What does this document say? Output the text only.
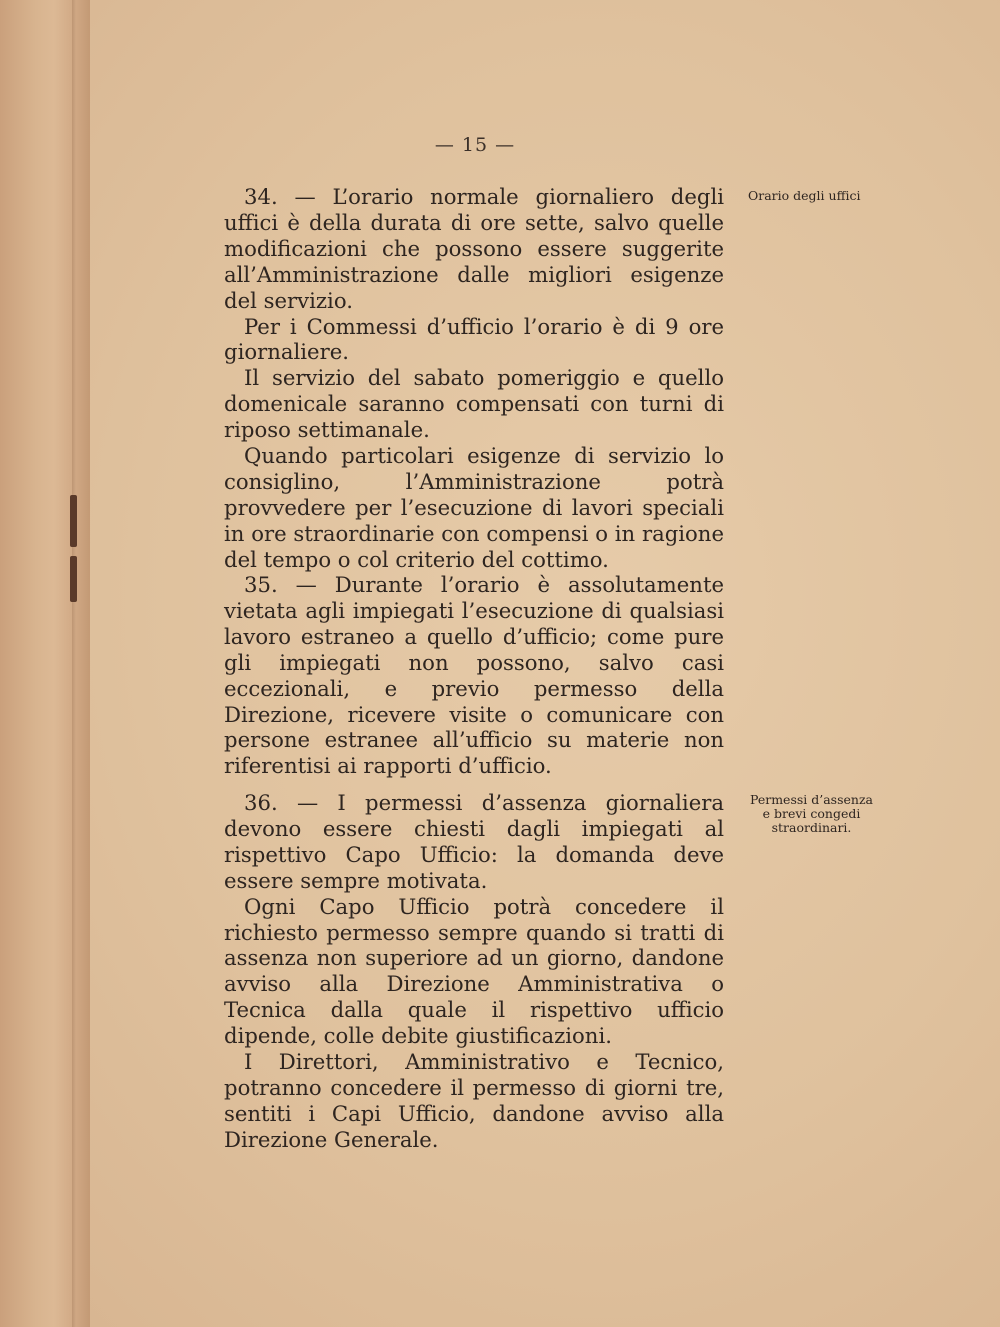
— 15 —

34. — L’orario normale giornaliero degli uffici è della durata di ore sette, salvo quelle modificazioni che possono essere suggerite all’Amministrazione dalle migliori esigenze del servizio.

Per i Commessi d’ufficio l’orario è di 9 ore giornaliere.

Il servizio del sabato pomeriggio e quello domenicale saranno compensati con turni di riposo settimanale.

Quando particolari esigenze di servizio lo consiglino, l’Amministrazione potrà provvedere per l’esecuzione di lavori speciali in ore straordinarie con compensi o in ragione del tempo o col criterio del cottimo.

Orario degli uffici

35. — Durante l’orario è assolutamente vietata agli impiegati l’esecuzione di qualsiasi lavoro estraneo a quello d’ufficio; come pure gli impiegati non possono, salvo casi eccezionali, e previo permesso della Direzione, ricevere visite o comunicare con persone estranee all’ufficio su materie non riferentisi ai rapporti d’ufficio.

36. — I permessi d’assenza giornaliera devono essere chiesti dagli impiegati al rispettivo Capo Ufficio: la domanda deve essere sempre motivata.

Ogni Capo Ufficio potrà concedere il richiesto permesso sempre quando si tratti di assenza non superiore ad un giorno, dandone avviso alla Direzione Amministrativa o Tecnica dalla quale il rispettivo ufficio dipende, colle debite giustificazioni.

I Direttori, Amministrativo e Tecnico, potranno concedere il permesso di giorni tre, sentiti i Capi Ufficio, dandone avviso alla Direzione Generale.

Permessi d’assenza
e brevi congedi
straordinari.
